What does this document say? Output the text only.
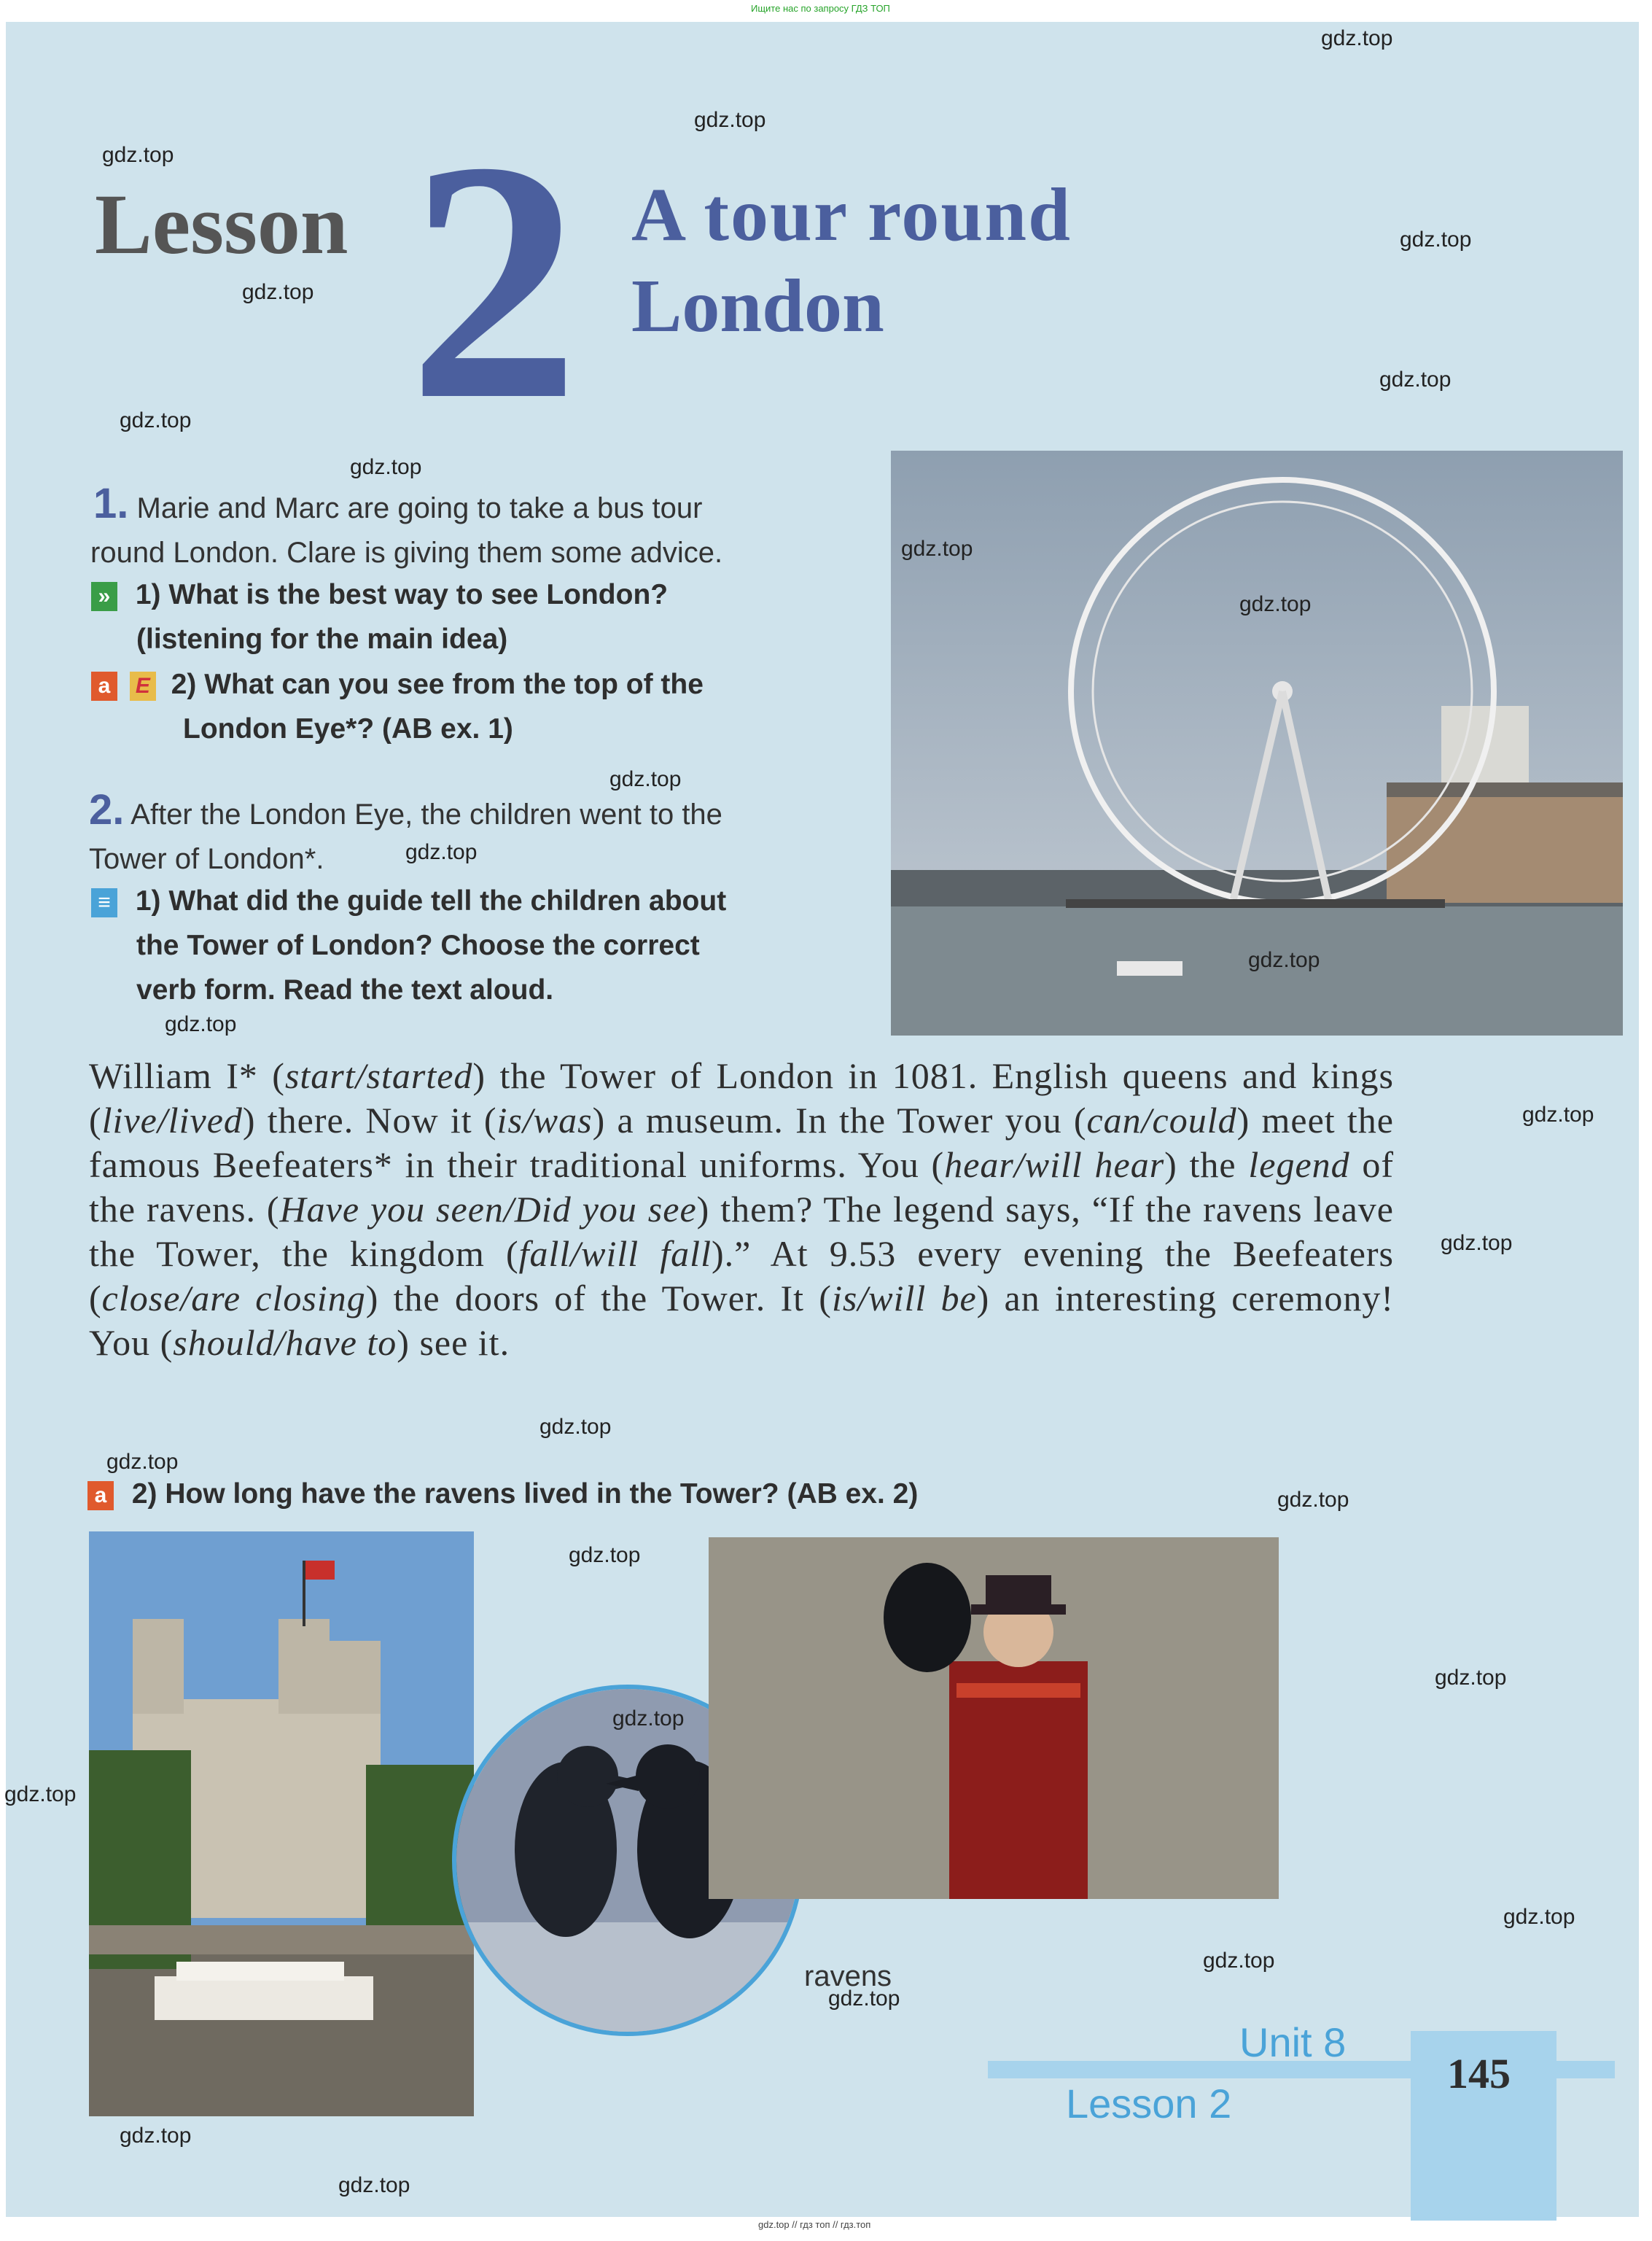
Ищите нас по запросу ГДЗ ТОП
Lesson 2 A tour round
London
1. Marie and Marc are going to take a bus tour
round London. Clare is giving them some advice.
» 1) What is the best way to see London?
(listening for the main idea)
a E 2) What can you see from the top of the
London Eye*? (AB ex. 1)
2. After the London Eye, the children went to the
Tower of London*.
≡ 1) What did the guide tell the children about
the Tower of London? Choose the correct
verb form. Read the text aloud.
William I* (start/started) the Tower of London in 1081. English queens and kings (live/lived) there. Now it (is/was) a museum. In the Tower you (can/could) meet the famous Beefeaters* in their traditional uniforms. You (hear/will hear) the legend of the ravens. (Have you seen/Did you see) them? The legend says, “If the ravens leave the Tower, the kingdom (fall/will fall).” At 9.53 every evening the Beefeaters (close/are closing) the doors of the Tower. It (is/will be) an interesting ceremony! You (should/have to) see it.
a 2) How long have the ravens lived in the Tower? (AB ex. 2)
ravens
Unit 8
Lesson 2
145
gdz.top
gdz.top
gdz.top
gdz.top
gdz.top
gdz.top
gdz.top
gdz.top
gdz.top
gdz.top
gdz.top
gdz.top
gdz.top
gdz.top
gdz.top
gdz.top
gdz.top
gdz.top
gdz.top
gdz.top
gdz.top
gdz.top
gdz.top
gdz.top
gdz.top
gdz.top
gdz.top
gdz.top
gdz.top // гдз топ // гдз.топ
